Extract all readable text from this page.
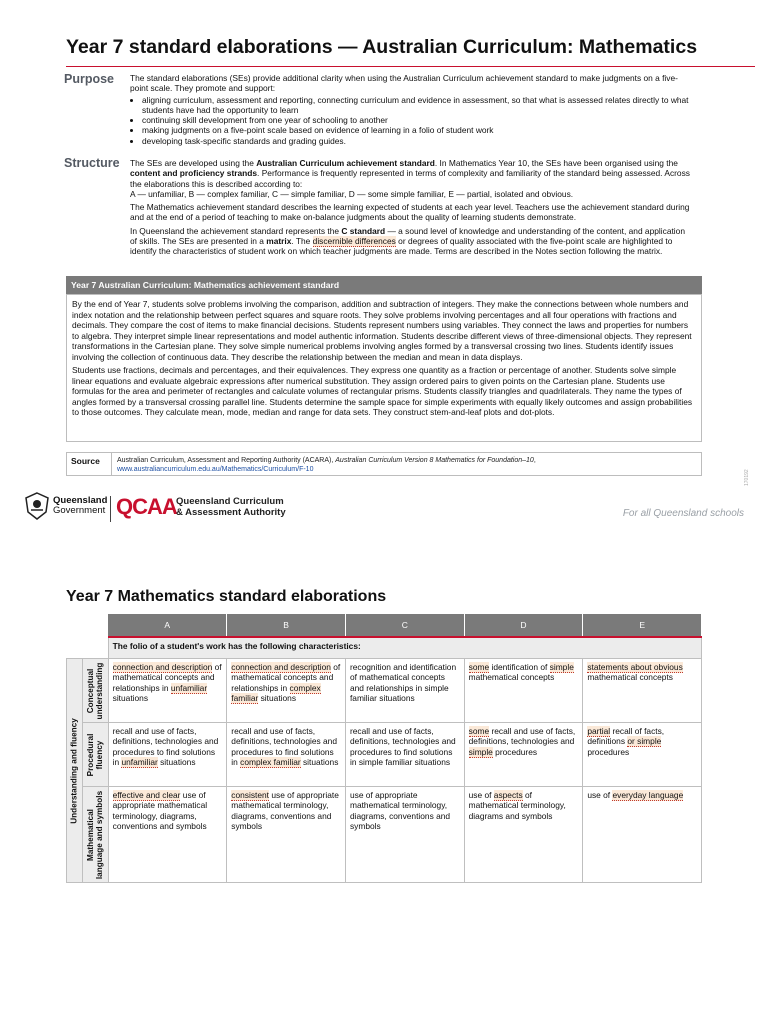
Year 7 standard elaborations — Australian Curriculum: Mathematics
Purpose	The standard elaborations (SEs) provide additional clarity when using the Australian Curriculum achievement standard to make judgments on a five-point scale. They promote and support:

• aligning curriculum, assessment and reporting, connecting curriculum and evidence in assessment, so that what is assessed relates directly to what students have had the opportunity to learn
• continuing skill development from one year of schooling to another
• making judgments on a five-point scale based on evidence of learning in a folio of student work
• developing task-specific standards and grading guides.
Structure	The SEs are developed using the Australian Curriculum achievement standard. In Mathematics Year 10, the SEs have been organised using the content and proficiency strands. Performance is frequently represented in terms of complexity and familiarity of the standard being assessed. Across the elaborations this is described according to:
A — unfamiliar, B — complex familiar, C — simple familiar, D — some simple familiar, E — partial, isolated and obvious.

The Mathematics achievement standard describes the learning expected of students at each year level. Teachers use the achievement standard during and at the end of a period of teaching to make on-balance judgments about the quality of learning students demonstrate.

In Queensland the achievement standard represents the C standard — a sound level of knowledge and understanding of the content, and application of skills. The SEs are presented in a matrix. The discernible differences or degrees of quality associated with the five-point scale are highlighted to identify the characteristics of student work on which teacher judgments are made. Terms are described in the Notes section following the matrix.

Year 7 Australian Curriculum: Mathematics achievement standard

By the end of Year 7, students solve problems involving the comparison, addition and subtraction of integers. They make the connections between whole numbers and index notation and the relationship between perfect squares and square roots. They solve problems involving percentages and all four operations with fractions and decimals. They compare the cost of items to make financial decisions. Students represent numbers using variables. They connect the laws and properties for numbers to algebra. They interpret simple linear representations and model authentic information. Students describe different views of three-dimensional objects. They represent transformations in the Cartesian plane. They solve simple numerical problems involving angles formed by a transversal crossing two lines. Students identify issues involving the collection of continuous data. They describe the relationship between the median and mean in data displays.

Students use fractions, decimals and percentages, and their equivalences. They express one quantity as a fraction or percentage of another. Students solve simple linear equations and evaluate algebraic expressions after numerical substitution. They assign ordered pairs to given points on the Cartesian plane. Students use formulas for the area and perimeter of rectangles and calculate volumes of rectangular prisms. Students classify triangles and quadrilaterals. They name the types of angles formed by a transversal crossing parallel line. Students determine the sample space for simple experiments with equally likely outcomes and assign probabilities to those outcomes. They calculate mean, mode, median and range for data sets. They construct stem-and-leaf plots and dot-plots.

Source	Australian Curriculum, Assessment and Reporting Authority (ACARA), Australian Curriculum Version 8 Mathematics for Foundation–10,
www.australiancurriculum.edu.au/Mathematics/Curriculum/F-10
Queensland
Government QCAA Queensland Curriculum
& Assessment Authority	For all Queensland schools
170192
Year 7 Mathematics standard elaborations
		A	B	C	D	E
		The folio of a student's work has the following characteristics:				

Understanding and fluency	Conceptual understanding	connection and description of mathematical concepts and relationships in unfamiliar situations	connection and description of mathematical concepts and relationships in complex familiar situations	recognition and identification of mathematical concepts and relationships in simple familiar situations	some identification of simple mathematical concepts	statements about obvious mathematical concepts

	Procedural fluency	recall and use of facts, definitions, technologies and procedures to find solutions in unfamiliar situations	recall and use of facts, definitions, technologies and procedures to find solutions in complex familiar situations	recall and use of facts, definitions, technologies and procedures to find solutions in simple familiar situations	some recall and use of facts, definitions, technologies and simple procedures	partial recall of facts, definitions or simple procedures

	Mathematical language and symbols	effective and clear use of appropriate mathematical terminology, diagrams, conventions and symbols	consistent use of appropriate mathematical terminology, diagrams, conventions and symbols	use of appropriate mathematical terminology, diagrams, conventions and symbols	use of aspects of mathematical terminology, diagrams and symbols	use of everyday language
